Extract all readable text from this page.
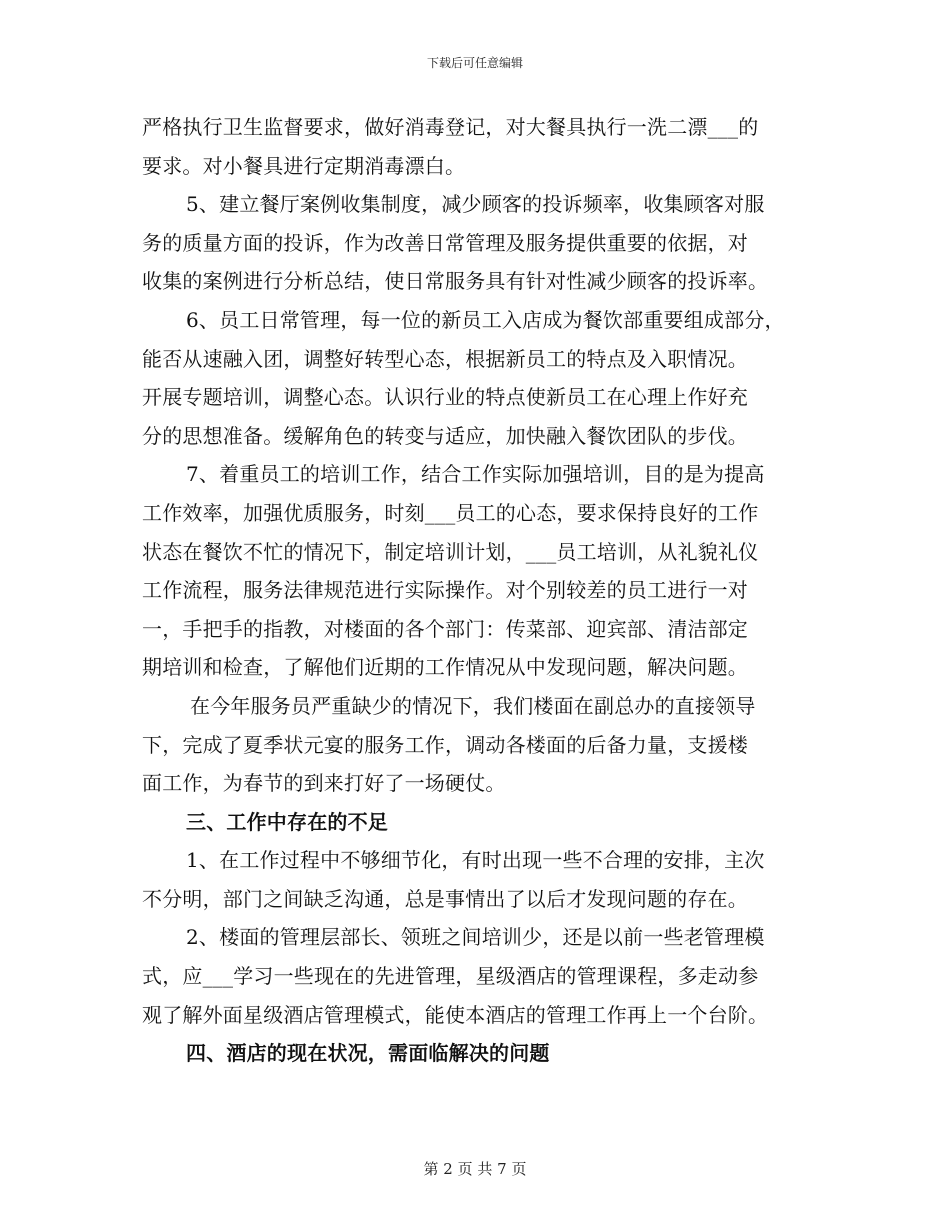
下载后可任意编辑
严格执行卫生监督要求，做好消毒登记，对大餐具执行一洗二漂___的
要求。对小餐具进行定期消毒漂白。
5、建立餐厅案例收集制度，减少顾客的投诉频率，收集顾客对服
务的质量方面的投诉，作为改善日常管理及服务提供重要的依据，对
收集的案例进行分析总结，使日常服务具有针对性减少顾客的投诉率。
6、员工日常管理，每一位的新员工入店成为餐饮部重要组成部分，
能否从速融入团，调整好转型心态，根据新员工的特点及入职情况。
开展专题培训，调整心态。认识行业的特点使新员工在心理上作好充
分的思想准备。缓解角色的转变与适应，加快融入餐饮团队的步伐。
7、着重员工的培训工作，结合工作实际加强培训，目的是为提高
工作效率，加强优质服务，时刻___员工的心态，要求保持良好的工作
状态在餐饮不忙的情况下，制定培训计划，___员工培训，从礼貌礼仪
工作流程，服务法律规范进行实际操作。对个别较差的员工进行一对
一，手把手的指教，对楼面的各个部门：传菜部、迎宾部、清洁部定
期培训和检查，了解他们近期的工作情况从中发现问题，解决问题。
在今年服务员严重缺少的情况下，我们楼面在副总办的直接领导
下，完成了夏季状元宴的服务工作，调动各楼面的后备力量，支援楼
面工作，为春节的到来打好了一场硬仗。
三、工作中存在的不足
1、在工作过程中不够细节化，有时出现一些不合理的安排，主次
不分明，部门之间缺乏沟通，总是事情出了以后才发现问题的存在。
2、楼面的管理层部长、领班之间培训少，还是以前一些老管理模
式，应___学习一些现在的先进管理，星级酒店的管理课程，多走动参
观了解外面星级酒店管理模式，能使本酒店的管理工作再上一个台阶。
四、酒店的现在状况，需面临解决的问题
第 2 页 共 7 页
